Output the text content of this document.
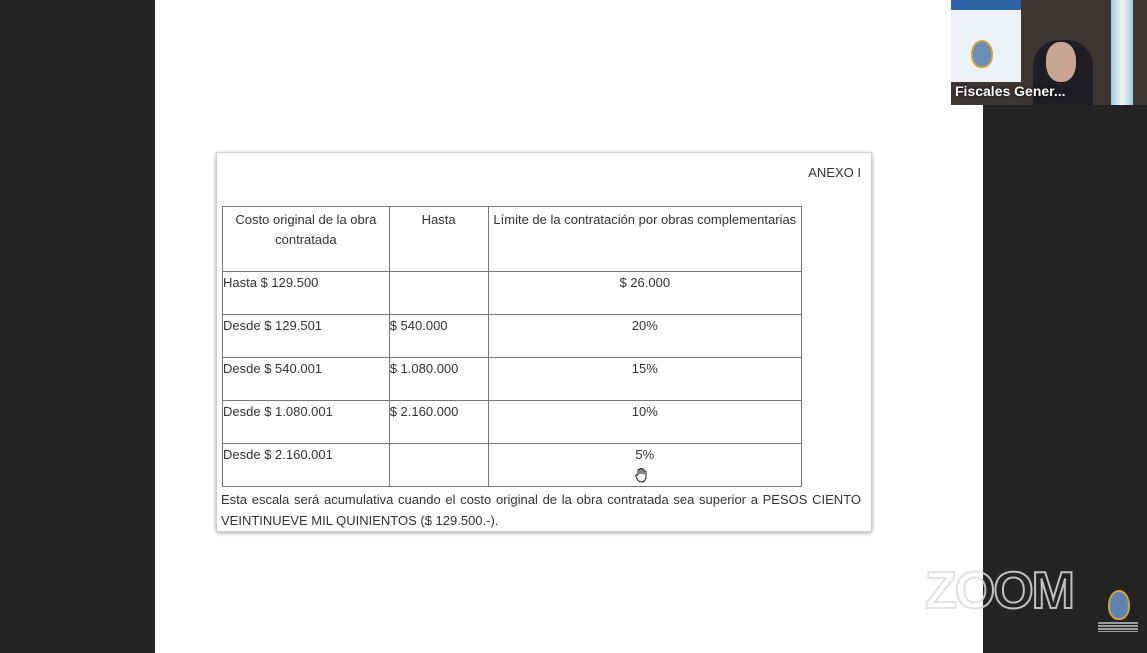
ANEXO I
Costo original de la obra contratada	Hasta	Límite de la contratación por obras complementarias
Hasta $ 129.500		$ 26.000
Desde $ 129.501	$ 540.000	20%
Desde $ 540.001	$ 1.080.000	15%
Desde $ 1.080.001	$ 2.160.000	10%
Desde $ 2.160.001		5%
Esta escala será acumulativa cuando el costo original de la obra contratada sea superior a PESOS CIENTO VEINTINUEVE MIL QUINIENTOS ($ 129.500.-).
Fiscales Gener...
ZOOM
